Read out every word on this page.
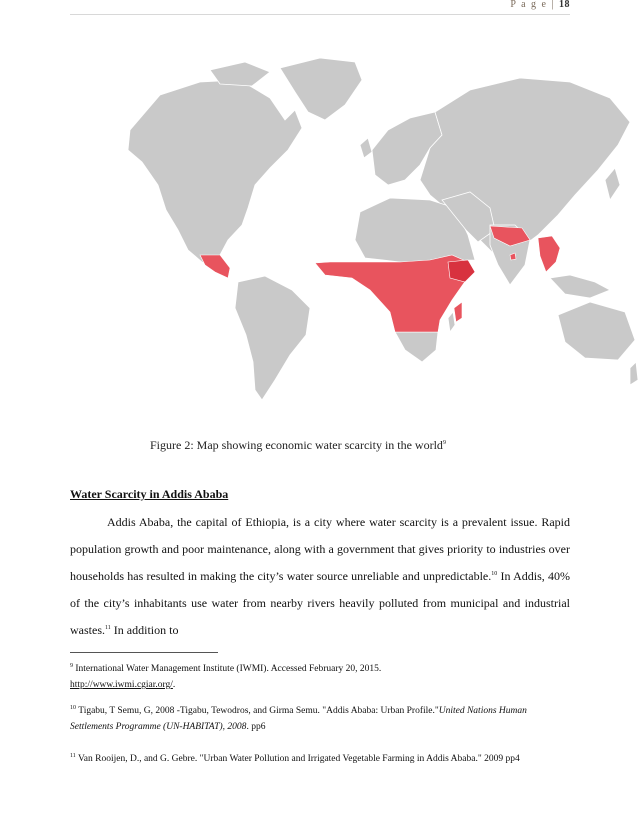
P a g e | 18
Figure 2: Map showing economic water scarcity in the world$^9$
Water Scarcity in Addis Ababa
Addis Ababa, the capital of Ethiopia, is a city where water scarcity is a prevalent issue. Rapid population growth and poor maintenance, along with a government that gives priority to industries over households has resulted in making the city’s water source unreliable and unpredictable.$^{10}$ In Addis, 40% of the city’s inhabitants use water from nearby rivers heavily polluted from municipal and industrial wastes.$^{11}$ In addition to
$^9$ International Water Management Institute (IWMI). Accessed February 20, 2015.
http://www.iwmi.cgiar.org/.
$^{10}$ Tigabu, T Semu, G, 2008 -Tigabu, Tewodros, and Girma Semu. "Addis Ababa: Urban Profile."United Nations Human Settlements Programme (UN-HABITAT), 2008. pp6
$^{11}$ Van Rooijen, D., and G. Gebre. "Urban Water Pollution and Irrigated Vegetable Farming in Addis Ababa." 2009 pp4
